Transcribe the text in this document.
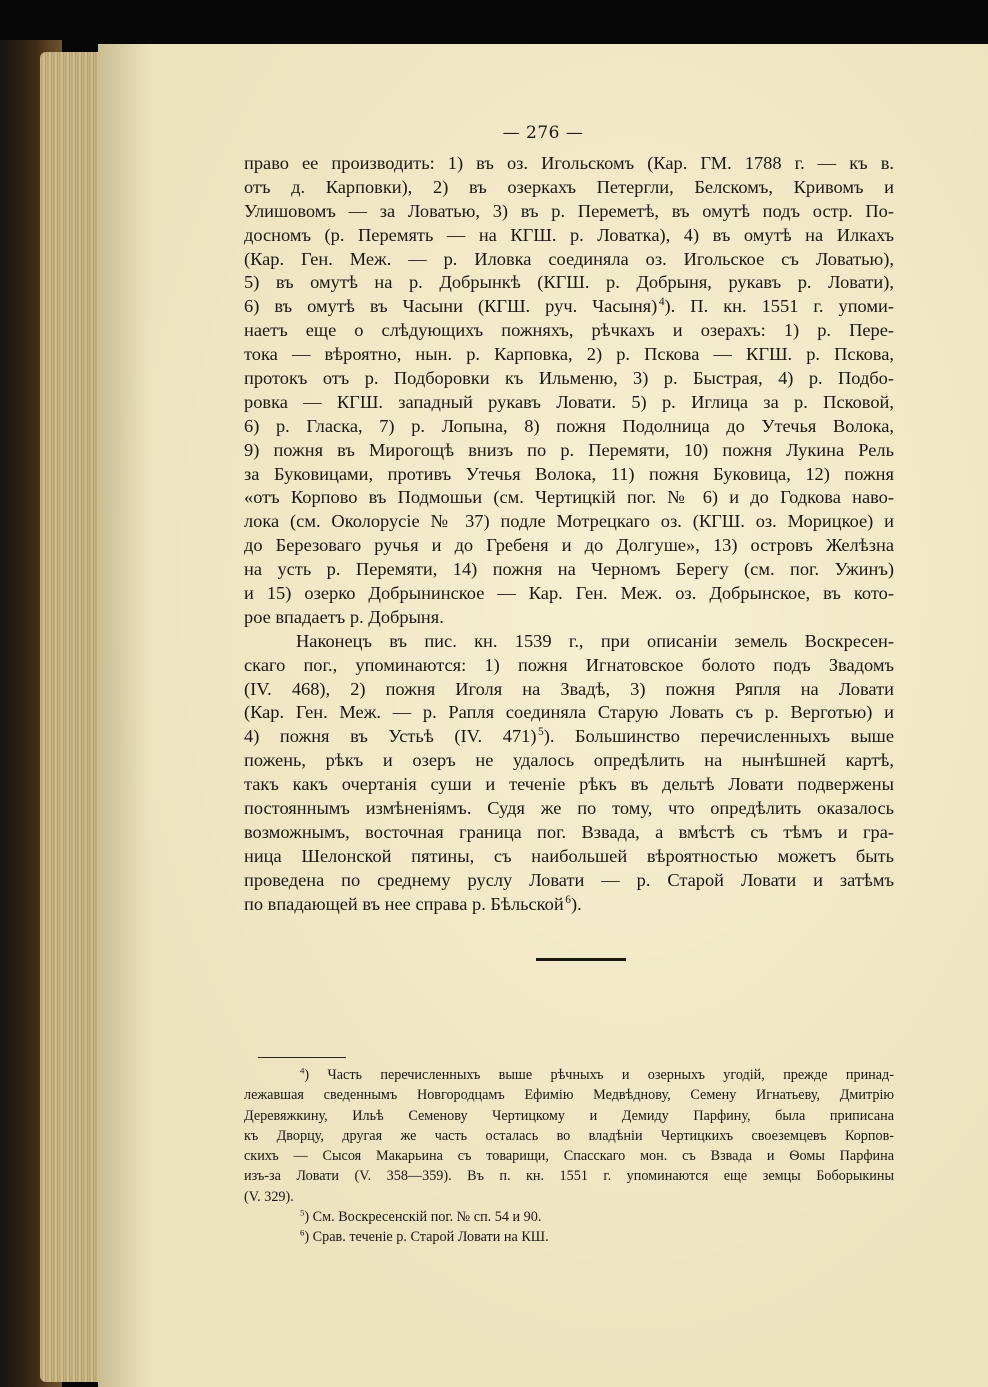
— 276 —
право ее производить: 1) въ оз. Игольскомъ (Кар. ГМ. 1788 г. — къ в.
отъ д. Карповки), 2) въ озеркахъ Петергли, Белскомъ, Кривомъ и
Улишовомъ — за Ловатью, 3) въ р. Переметѣ, въ омутѣ подъ остр. По-
досномъ (р. Перемять — на КГШ. р. Ловатка), 4) въ омутѣ на Илкахъ
(Кар. Ген. Меж. — р. Иловка соединяла оз. Игольское съ Ловатью),
5) въ омутѣ на р. Добрынкѣ (КГШ. р. Добрыня, рукавъ р. Ловати),
6) въ омутѣ въ Часыни (КГШ. руч. Часыня)  $^4$). П. кн. 1551 г. упоми-
наетъ еще о слѣдующихъ пожняхъ, рѣчкахъ и озерахъ: 1) р. Пере-
тока — вѣроятно, нын. р. Карповка, 2) р. Пскова — КГШ. р. Пскова,
протокъ отъ р. Подборовки къ Ильменю, 3) р. Быстрая, 4) р. Подбо-
ровка — КГШ. западный рукавъ Ловати. 5) р. Иглица за р. Псковой,
6) р. Гласка, 7) р. Лопына, 8) пожня Подолница до Утечья Волока,
9) пожня въ Мирогощѣ внизъ по р. Перемяти, 10) пожня Лукина Рель
за Буковицами, противъ Утечья Волока, 11) пожня Буковица, 12) пожня
«отъ Корпово въ Подмошьи (см. Чертицкій пог. № 6) и до Годкова наво-
лока (см. Околорусіе № 37) подле Мотрецкаго оз. (КГШ. оз. Морицкое) и
до Березоваго ручья и до Гребеня и до Долгуше», 13) островъ Желѣзна
на усть р. Перемяти, 14) пожня на Черномъ Берегу (см. пог. Ужинъ)
и 15) озерко Добрынинское — Кар. Ген. Меж. оз. Добрынское, въ кото-
рое впадаетъ р. Добрыня.
Наконецъ въ пис. кн. 1539 г., при описаніи земель Воскресен-
скаго пог., упоминаются: 1) пожня Игнатовское болото подъ Звадомъ
(IV. 468), 2) пожня Иголя на Звадѣ, 3) пожня Ряпля на Ловати
(Кар. Ген. Меж. — р. Рапля соединяла Старую Ловать съ р. Верготью) и
4) пожня въ Устьѣ (IV. 471)  $^5$). Большинство перечисленныхъ выше
пожень, рѣкъ и озеръ не удалось опредѣлить на нынѣшней картѣ,
такъ какъ очертанія суши и теченіе рѣкъ въ дельтѣ Ловати подвержены
постояннымъ измѣненіямъ. Судя же по тому, что опредѣлить оказалось
возможнымъ, восточная граница пог. Взвада, а вмѣстѣ съ тѣмъ и гра-
ница Шелонской пятины, съ наибольшей вѣроятностью можетъ быть
проведена по среднему руслу Ловати — р. Старой Ловати и затѣмъ
по впадающей въ нее справа р. Бѣльской  $^6$).
$^4$) Часть перечисленныхъ выше рѣчныхъ и озерныхъ угодій, прежде принад-
лежавшая сведеннымъ Новгородцамъ Ефимію Медвѣднову, Семену Игнатьеву, Дмитрію
Деревяжкину, Ильѣ Семенову Чертицкому и Демиду Парфину, была приписана
къ Дворцу, другая же часть осталась во владѣніи Чертицкихъ своеземцевъ Корпов-
скихъ — Сысоя Макарьина съ товарищи, Спасскаго мон. съ Взвада и Ѳомы Парфина
изъ-за Ловати (V. 358—359). Въ п. кн. 1551 г. упоминаются еще земцы Боборыкины
(V. 329).
$^5$) См. Воскресенскій пог. № сп. 54 и 90.
$^6$) Срав. теченіе р. Старой Ловати на КШ.
